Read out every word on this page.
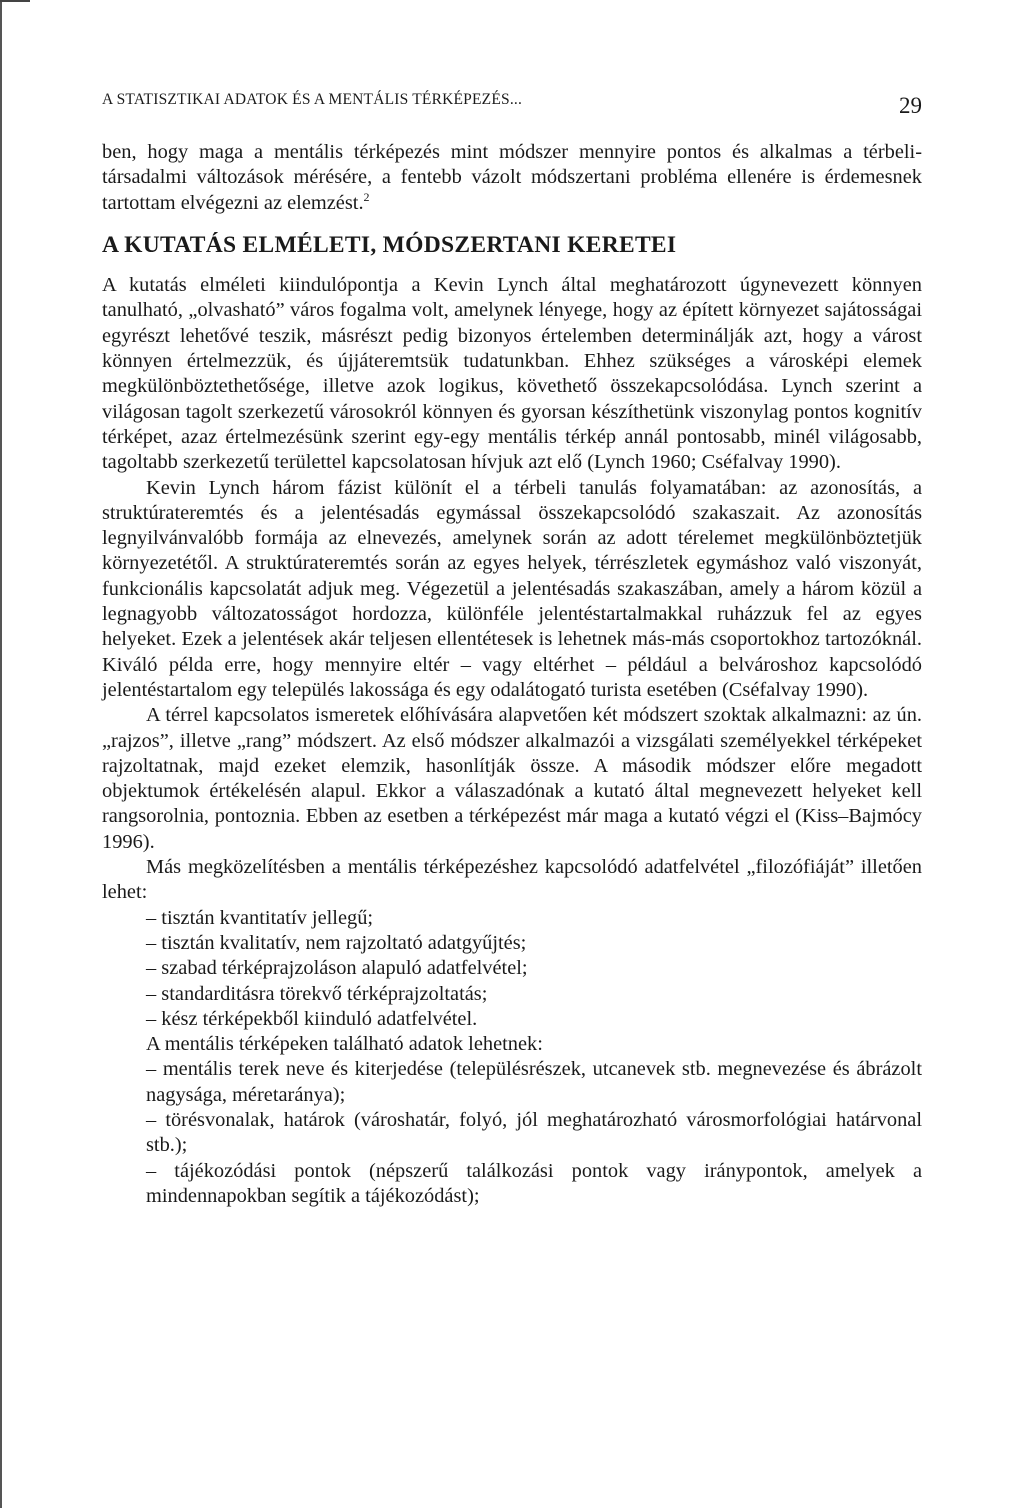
A STATISZTIKAI ADATOK ÉS A MENTÁLIS TÉRKÉPEZÉS...	29

ben, hogy maga a mentális térképezés mint módszer mennyire pontos és alkalmas a térbeli-társadalmi változások mérésére, a fentebb vázolt módszertani probléma ellenére is érdemesnek tartottam elvégezni az elemzést.$^2$

A KUTATÁS ELMÉLETI, MÓDSZERTANI KERETEI

A kutatás elméleti kiindulópontja a Kevin Lynch által meghatározott úgynevezett könnyen tanulható, „olvasható” város fogalma volt, amelynek lényege, hogy az épített környezet sajátosságai egyrészt lehetővé teszik, másrészt pedig bizonyos értelemben determinálják azt, hogy a várost könnyen értelmezzük, és újjáteremtsük tudatunkban. Ehhez szükséges a városképi elemek megkülönböztethetősége, illetve azok logikus, követhető összekapcsolódása. Lynch szerint a világosan tagolt szerkezetű városokról könnyen és gyorsan készíthetünk viszonylag pontos kognitív térképet, azaz értelmezésünk szerint egy-egy mentális térkép annál pontosabb, minél világosabb, tagoltabb szerkezetű területtel kapcsolatosan hívjuk azt elő (Lynch 1960; Cséfalvay 1990).

Kevin Lynch három fázist különít el a térbeli tanulás folyamatában: az azonosítás, a struktúrateremtés és a jelentésadás egymással összekapcsolódó szakaszait. Az azonosítás legnyilvánvalóbb formája az elnevezés, amelynek során az adott térelemet megkülönböztetjük környezetétől. A struktúrateremtés során az egyes helyek, térrészletek egymáshoz való viszonyát, funkcionális kapcsolatát adjuk meg. Végezetül a jelentésadás szakaszában, amely a három közül a legnagyobb változatosságot hordozza, különféle jelentéstartalmakkal ruházzuk fel az egyes helyeket. Ezek a jelentések akár teljesen ellentétesek is lehetnek más-más csoportokhoz tartozóknál. Kiváló példa erre, hogy mennyire eltér – vagy eltérhet – például a belvároshoz kapcsolódó jelentéstartalom egy település lakossága és egy odalátogató turista esetében (Cséfalvay 1990).

A térrel kapcsolatos ismeretek előhívására alapvetően két módszert szoktak alkalmazni: az ún. „rajzos”, illetve „rang” módszert. Az első módszer alkalmazói a vizsgálati személyekkel térképeket rajzoltatnak, majd ezeket elemzik, hasonlítják össze. A második módszer előre megadott objektumok értékelésén alapul. Ekkor a válaszadónak a kutató által megnevezett helyeket kell rangsorolnia, pontoznia. Ebben az esetben a térképezést már maga a kutató végzi el (Kiss–Bajmócy 1996).

Más megközelítésben a mentális térképezéshez kapcsolódó adatfelvétel „filozófiáját” illetően lehet:

– tisztán kvantitatív jellegű;
– tisztán kvalitatív, nem rajzoltató adatgyűjtés;
– szabad térképrajzoláson alapuló adatfelvétel;
– standarditásra törekvő térképrajzoltatás;
– kész térképekből kiinduló adatfelvétel.

A mentális térképeken található adatok lehetnek:

– mentális terek neve és kiterjedése (településrészek, utcanevek stb. megnevezése és ábrázolt nagysága, méretaránya);
– törésvonalak, határok (városhatár, folyó, jól meghatározható városmorfológiai határvonal stb.);
– tájékozódási pontok (népszerű találkozási pontok vagy iránypontok, amelyek a mindennapokban segítik a tájékozódást);
